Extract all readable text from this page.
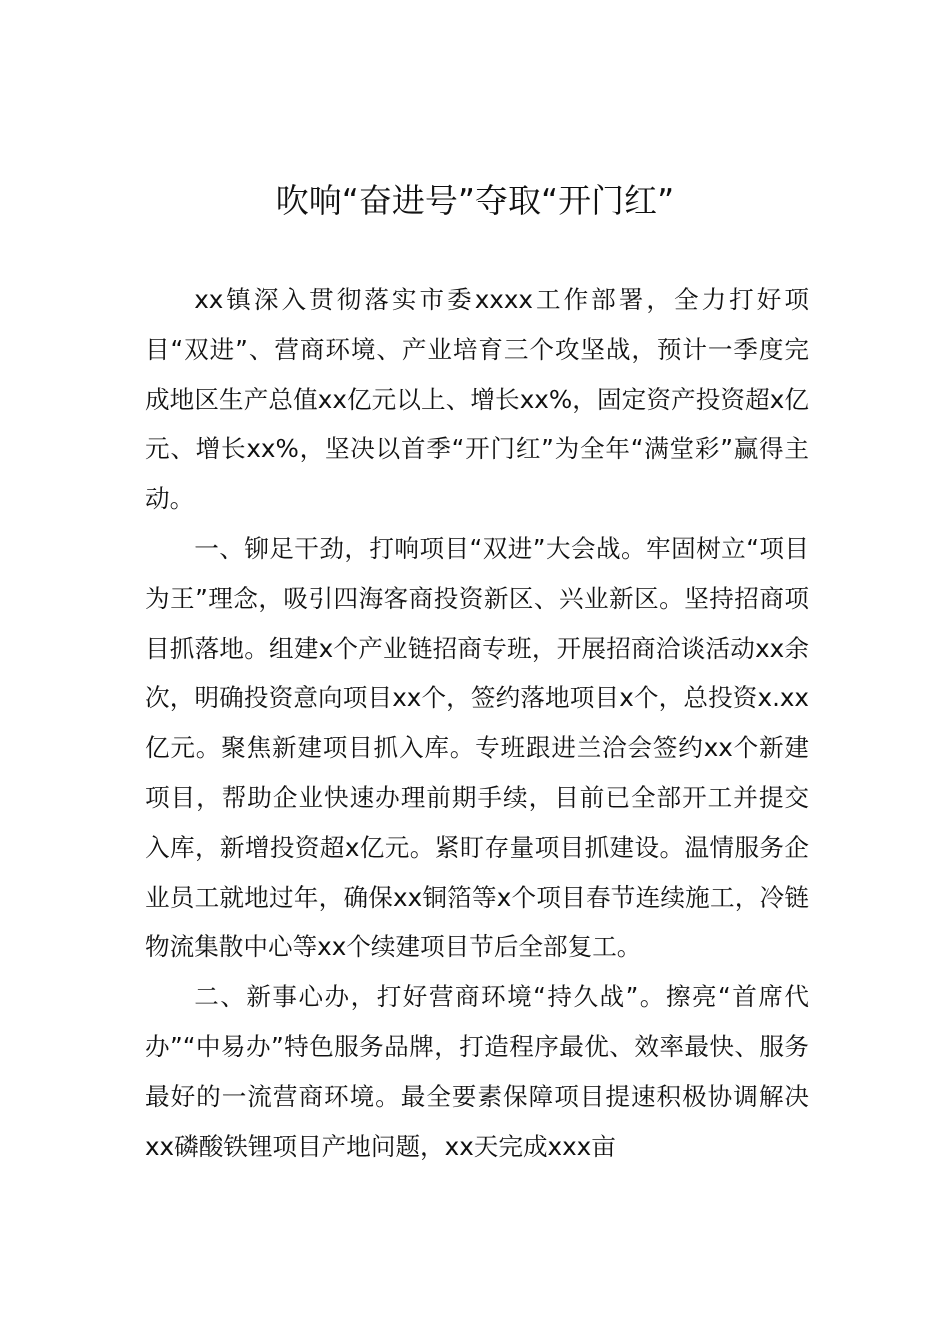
吹响“奋进号”夺取“开门红”

xx镇深入贯彻落实市委xxxx工作部署，全力打好项目“双进”、营商环境、产业培育三个攻坚战，预计一季度完成地区生产总值xx亿元以上、增长xx%，固定资产投资超x亿元、增长xx%，坚决以首季“开门红”为全年“满堂彩”赢得主动。

一、铆足干劲，打响项目“双进”大会战。牢固树立“项目为王”理念，吸引四海客商投资新区、兴业新区。坚持招商项目抓落地。组建x个产业链招商专班，开展招商洽谈活动xx余次，明确投资意向项目xx个，签约落地项目x个，总投资x.xx亿元。聚焦新建项目抓入库。专班跟进兰洽会签约xx个新建项目，帮助企业快速办理前期手续，目前已全部开工并提交入库，新增投资超x亿元。紧盯存量项目抓建设。温情服务企业员工就地过年，确保xx铜箔等x个项目春节连续施工，冷链物流集散中心等xx个续建项目节后全部复工。

二、新事心办，打好营商环境“持久战”。擦亮“首席代办”“中易办”特色服务品牌，打造程序最优、效率最快、服务最好的一流营商环境。最全要素保障项目提速积极协调解决xx磷酸铁锂项目产地问题，xx天完成xxx亩
